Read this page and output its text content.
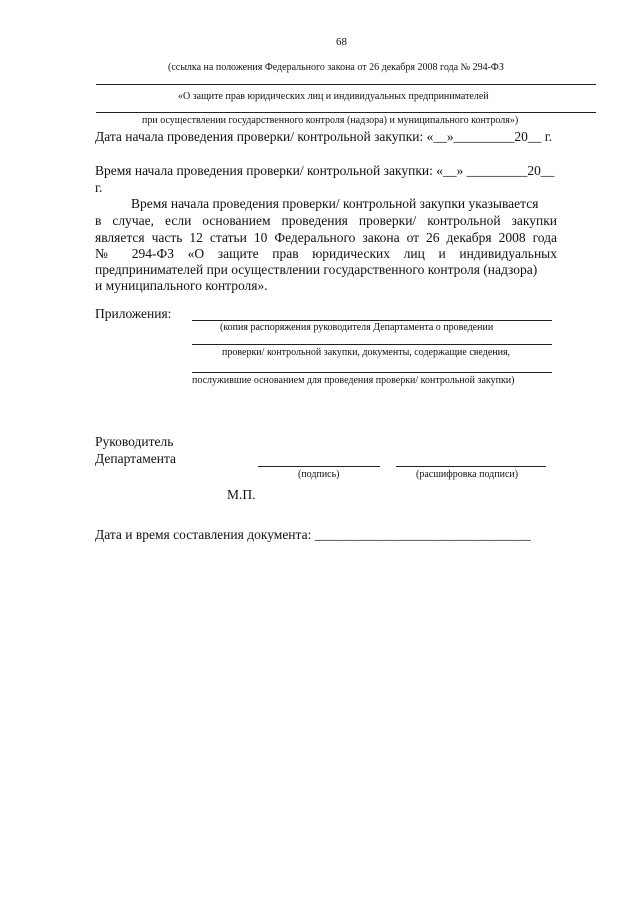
68
(ссылка на положения Федерального закона от 26 декабря 2008 года № 294-ФЗ
«О защите прав юридических лиц и индивидуальных предпринимателей
при осуществлении государственного контроля (надзора) и муниципального контроля»)
Дата начала проведения проверки/ контрольной закупки: «__»_________20__ г.
Время начала проведения проверки/ контрольной закупки: «__» _________20__
г.
Время начала проведения проверки/ контрольной закупки указывается
в случае, если основанием проведения проверки/ контрольной закупки
является часть 12 статьи 10 Федерального закона от 26 декабря 2008 года
№ 294-ФЗ «О защите прав юридических лиц и индивидуальных
предпринимателей при осуществлении государственного контроля (надзора)
и муниципального контроля».
Приложения:
(копия распоряжения руководителя Департамента о проведении
проверки/ контрольной закупки, документы, содержащие сведения,
послужившие основанием для проведения проверки/ контрольной закупки)
Руководитель
Департамента
(подпись)	(расшифровка подписи)
М.П.
Дата и время составления документа: ________________________________
